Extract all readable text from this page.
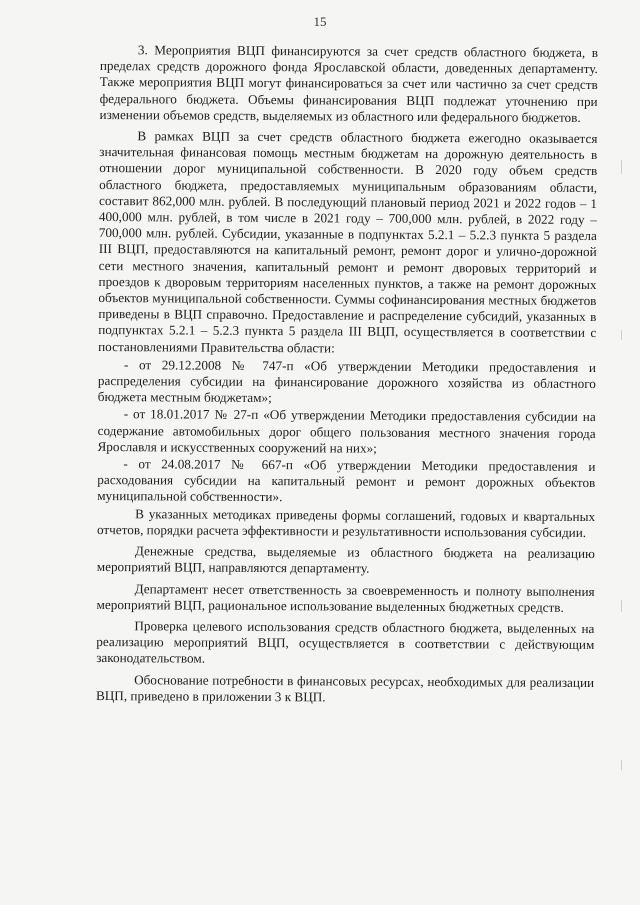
15

3. Мероприятия ВЦП финансируются за счет средств областного бюджета, в пределах средств дорожного фонда Ярославской области, доведенных департаменту. Также мероприятия ВЦП могут финансироваться за счет или частично за счет средств федерального бюджета. Объемы финансирования ВЦП подлежат уточнению при изменении объемов средств, выделяемых из областного или федерального бюджетов.

В рамках ВЦП за счет средств областного бюджета ежегодно оказывается значительная финансовая помощь местным бюджетам на дорожную деятельность в отношении дорог муниципальной собственности. В 2020 году объем средств областного бюджета, предоставляемых муниципальным образованиям области, составит 862,000 млн. рублей. В последующий плановый период 2021 и 2022 годов – 1 400,000 млн. рублей, в том числе в 2021 году – 700,000 млн. рублей, в 2022 году – 700,000 млн. рублей. Субсидии, указанные в подпунктах 5.2.1 – 5.2.3 пункта 5 раздела III ВЦП, предоставляются на капитальный ремонт, ремонт дорог и улично-дорожной сети местного значения, капитальный ремонт и ремонт дворовых территорий и проездов к дворовым территориям населенных пунктов, а также на ремонт дорожных объектов муниципальной собственности. Суммы софинансирования местных бюджетов приведены в ВЦП справочно. Предоставление и распределение субсидий, указанных в подпунктах 5.2.1 – 5.2.3 пункта 5 раздела III ВЦП, осуществляется в соответствии с постановлениями Правительства области:

- от 29.12.2008 № 747-п «Об утверждении Методики предоставления и распределения субсидии на финансирование дорожного хозяйства из областного бюджета местным бюджетам»;

- от 18.01.2017 № 27-п «Об утверждении Методики предоставления субсидии на содержание автомобильных дорог общего пользования местного значения города Ярославля и искусственных сооружений на них»;

- от 24.08.2017 № 667-п «Об утверждении Методики предоставления и расходования субсидии на капитальный ремонт и ремонт дорожных объектов муниципальной собственности».

В указанных методиках приведены формы соглашений, годовых и квартальных отчетов, порядки расчета эффективности и результативности использования субсидии.

Денежные средства, выделяемые из областного бюджета на реализацию мероприятий ВЦП, направляются департаменту.

Департамент несет ответственность за своевременность и полноту выполнения мероприятий ВЦП, рациональное использование выделенных бюджетных средств.

Проверка целевого использования средств областного бюджета, выделенных на реализацию мероприятий ВЦП, осуществляется в соответствии с действующим законодательством.

Обоснование потребности в финансовых ресурсах, необходимых для реализации ВЦП, приведено в приложении 3 к ВЦП.
